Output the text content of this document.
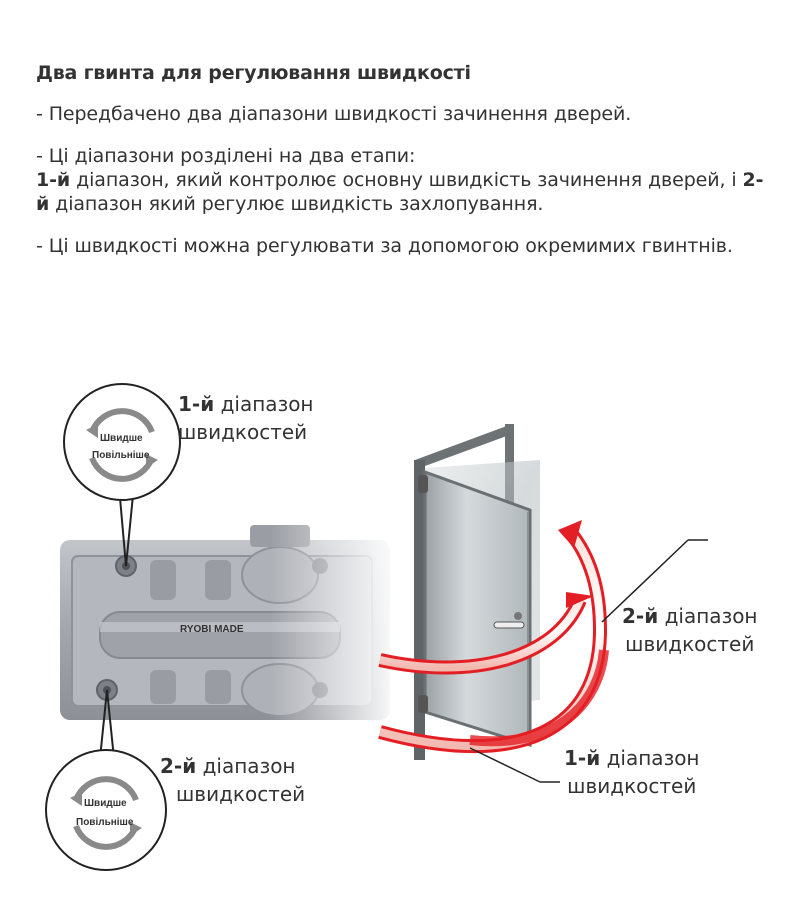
Два гвинта для регулювання швидкості
- Передбачено два діапазони швидкості зачинення дверей.
- Ці діапазони розділені на два етапи:
1-й діапазон, який контролює основну швидкість зачинення дверей, і 2-й діапазон який регулює швидкість захлопування.
- Ці швидкості можна регулювати за допомогою окремимих гвинтнів.
RYOBI MADE
Швидше
Повільніше
Швидше
Повільніше
1-й діапазон
швидкостей
2-й діапазон
швидкостей
2-й діапазон
швидкостей
1-й діапазон
швидкостей
